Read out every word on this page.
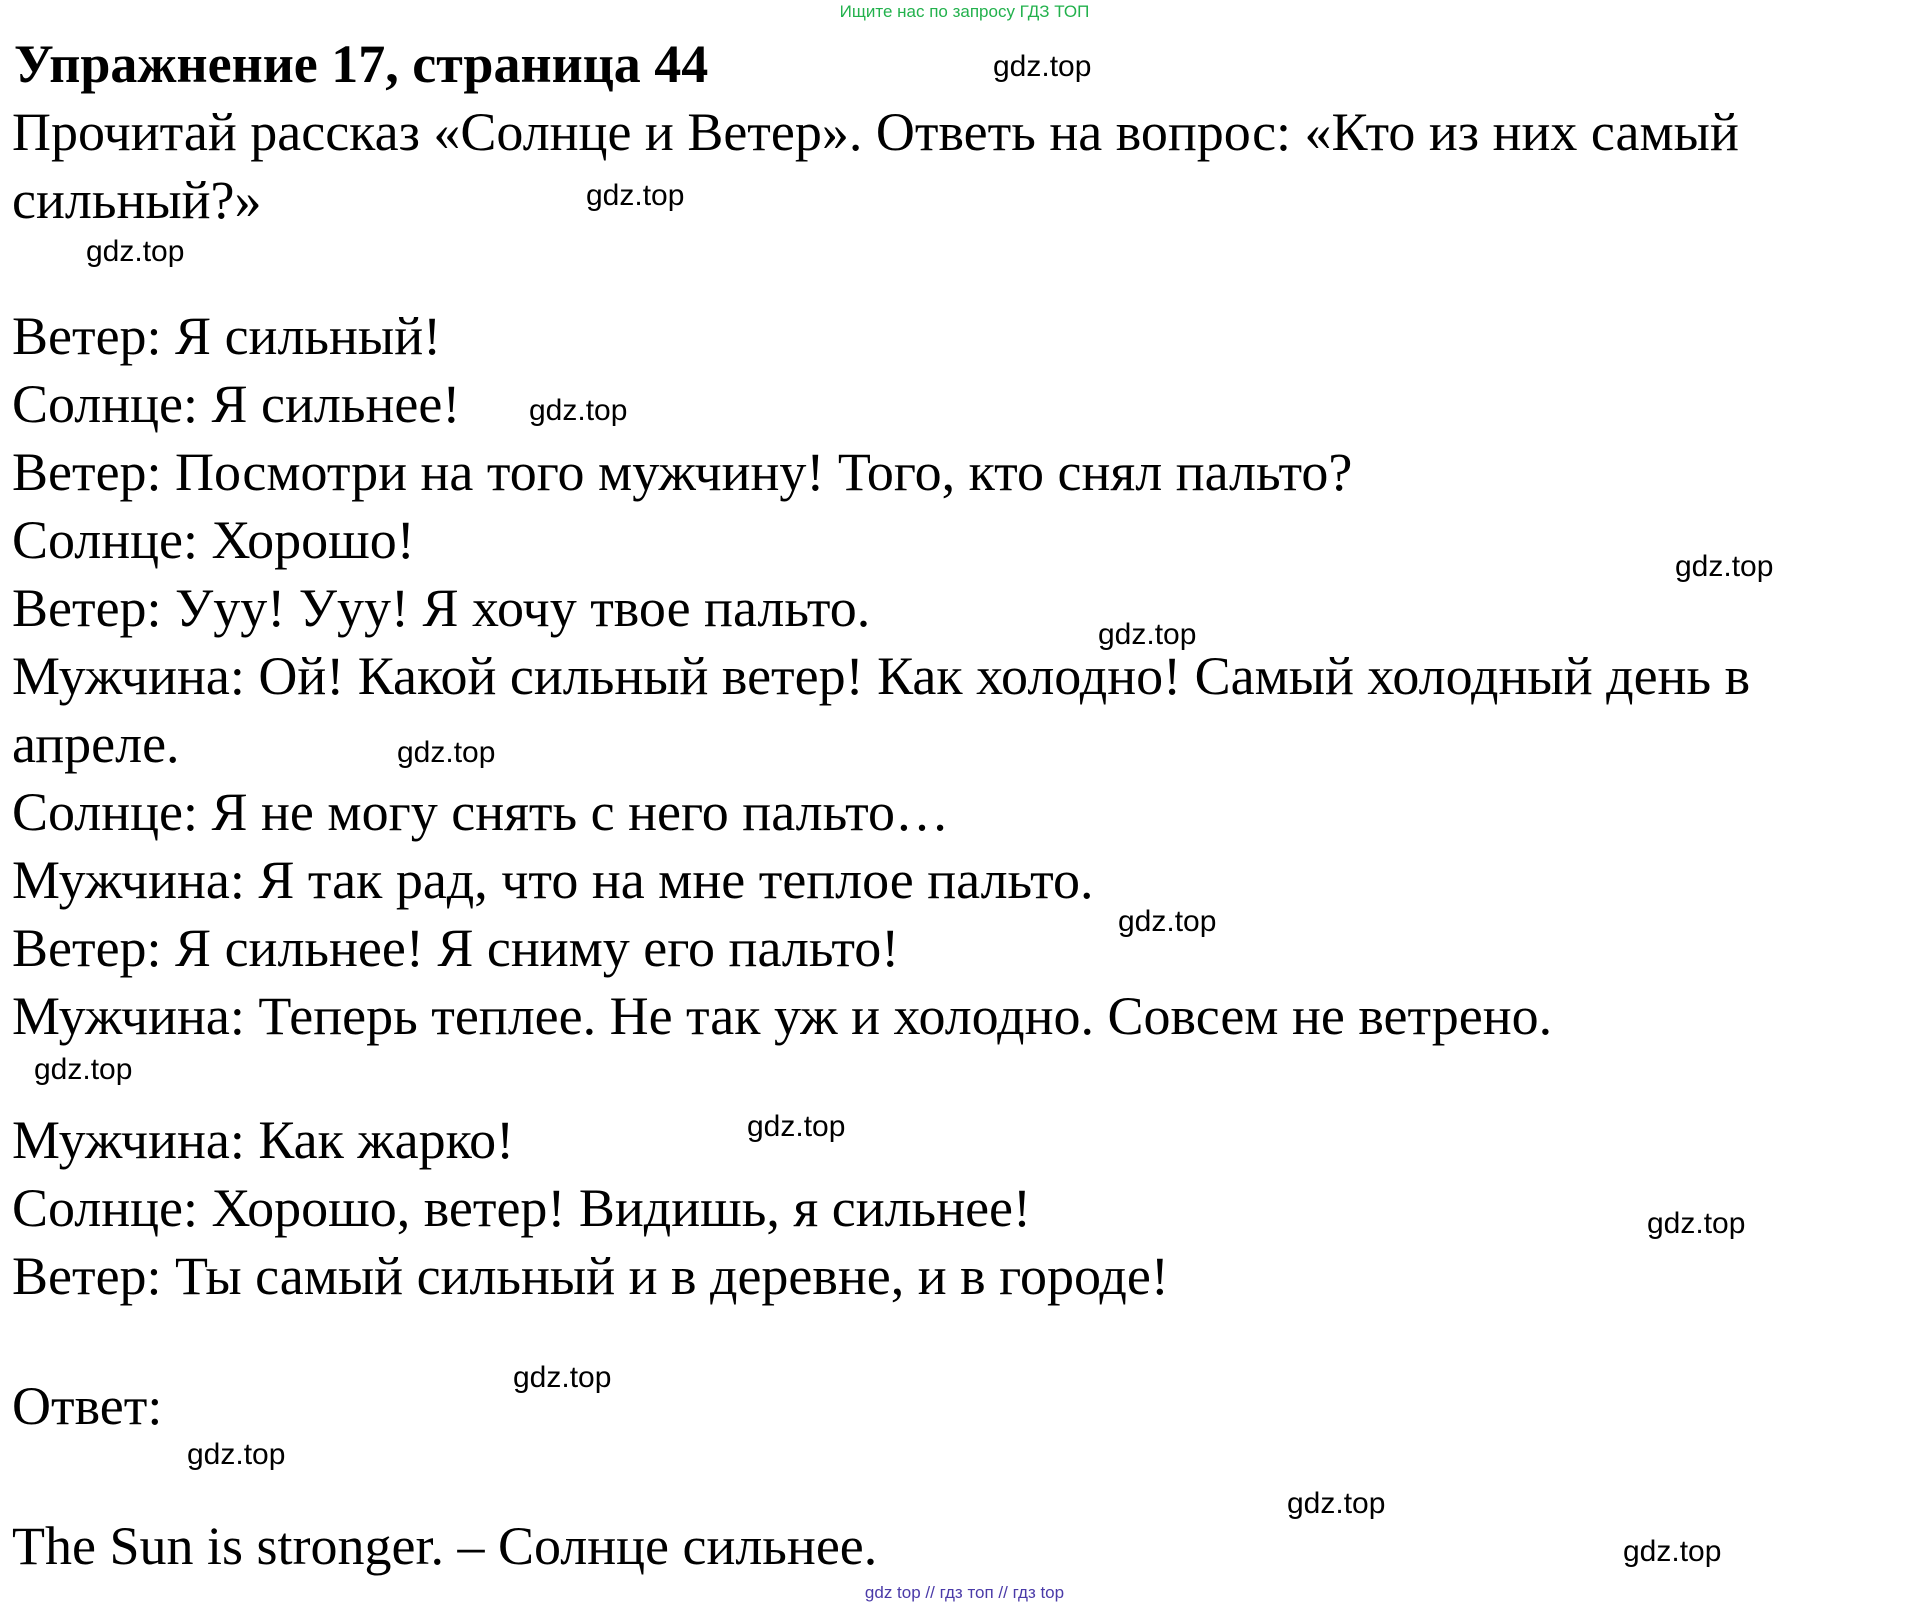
Ищите нас по запросу ГДЗ ТОП
Упражнение 17, страница 44
Прочитай рассказ «Солнце и Ветер». Ответь на вопрос: «Кто из них самый
сильный?»
Ветер: Я сильный!
Солнце: Я сильнее!
Ветер: Посмотри на того мужчину! Того, кто снял пальто?
Солнце: Хорошо!
Ветер: Ууу! Ууу! Я хочу твое пальто.
Мужчина: Ой! Какой сильный ветер! Как холодно! Самый холодный день в
апреле.
Солнце: Я не могу снять с него пальто…
Мужчина: Я так рад, что на мне теплое пальто.
Ветер: Я сильнее! Я сниму его пальто!
Мужчина: Теперь теплее. Не так уж и холодно. Совсем не ветрено.
Мужчина: Как жарко!
Солнце: Хорошо, ветер! Видишь, я сильнее!
Ветер: Ты самый сильный и в деревне, и в городе!
Ответ:
The Sun is stronger. – Солнце сильнее.
gdz.top
gdz.top
gdz.top
gdz.top
gdz.top
gdz.top
gdz.top
gdz.top
gdz.top
gdz.top
gdz.top
gdz.top
gdz.top
gdz.top
gdz.top
gdz top // гдз топ // гдз top
